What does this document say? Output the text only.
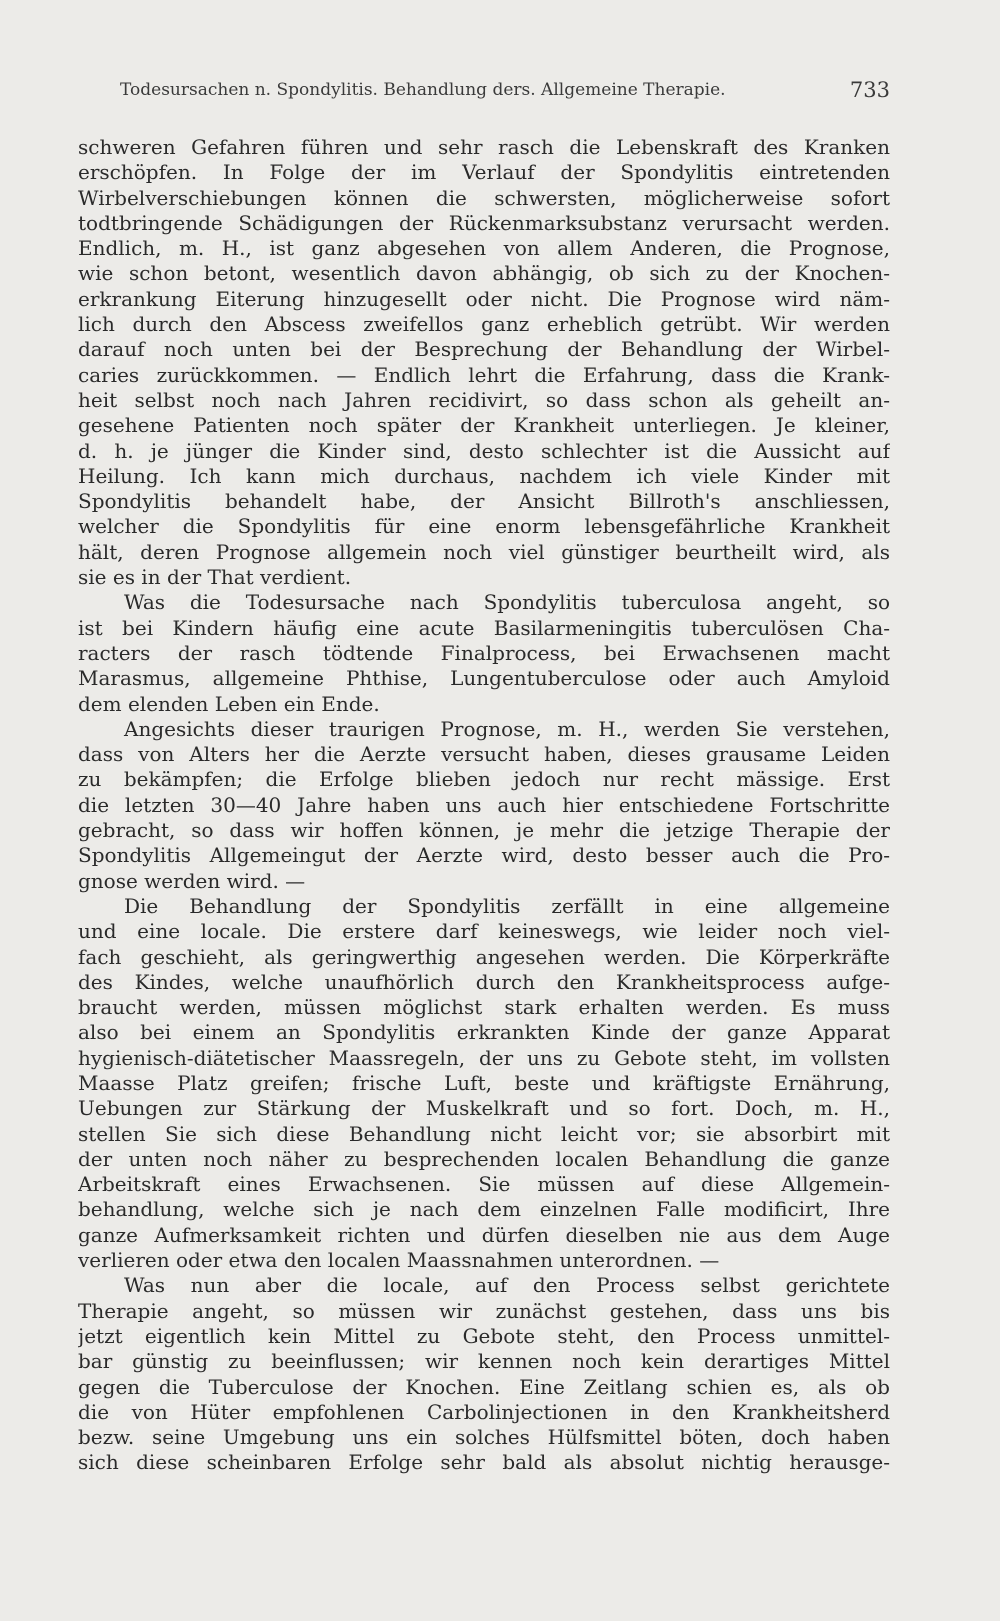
Todesursachen n. Spondylitis. Behandlung ders. Allgemeine Therapie.	733
schweren Gefahren führen und sehr rasch die Lebenskraft des Kranken
erschöpfen. In Folge der im Verlauf der Spondylitis eintretenden
Wirbelverschiebungen können die schwersten, möglicherweise sofort
todtbringende Schädigungen der Rückenmarksubstanz verursacht werden.
Endlich, m. H., ist ganz abgesehen von allem Anderen, die Prognose,
wie schon betont, wesentlich davon abhängig, ob sich zu der Knochen-
erkrankung Eiterung hinzugesellt oder nicht. Die Prognose wird näm-
lich durch den Abscess zweifellos ganz erheblich getrübt. Wir werden
darauf noch unten bei der Besprechung der Behandlung der Wirbel-
caries zurückkommen. — Endlich lehrt die Erfahrung, dass die Krank-
heit selbst noch nach Jahren recidivirt, so dass schon als geheilt an-
gesehene Patienten noch später der Krankheit unterliegen. Je kleiner,
d. h. je jünger die Kinder sind, desto schlechter ist die Aussicht auf
Heilung. Ich kann mich durchaus, nachdem ich viele Kinder mit
Spondylitis behandelt habe, der Ansicht Billroth's anschliessen,
welcher die Spondylitis für eine enorm lebensgefährliche Krankheit
hält, deren Prognose allgemein noch viel günstiger beurtheilt wird, als
sie es in der That verdient.
Was die Todesursache nach Spondylitis tuberculosa angeht, so
ist bei Kindern häufig eine acute Basilarmeningitis tuberculösen Cha-
racters der rasch tödtende Finalprocess, bei Erwachsenen macht
Marasmus, allgemeine Phthise, Lungentuberculose oder auch Amyloid
dem elenden Leben ein Ende.
Angesichts dieser traurigen Prognose, m. H., werden Sie verstehen,
dass von Alters her die Aerzte versucht haben, dieses grausame Leiden
zu bekämpfen; die Erfolge blieben jedoch nur recht mässige. Erst
die letzten 30—40 Jahre haben uns auch hier entschiedene Fortschritte
gebracht, so dass wir hoffen können, je mehr die jetzige Therapie der
Spondylitis Allgemeingut der Aerzte wird, desto besser auch die Pro-
gnose werden wird. —
Die Behandlung der Spondylitis zerfällt in eine allgemeine
und eine locale. Die erstere darf keineswegs, wie leider noch viel-
fach geschieht, als geringwerthig angesehen werden. Die Körperkräfte
des Kindes, welche unaufhörlich durch den Krankheitsprocess aufge-
braucht werden, müssen möglichst stark erhalten werden. Es muss
also bei einem an Spondylitis erkrankten Kinde der ganze Apparat
hygienisch-diätetischer Maassregeln, der uns zu Gebote steht, im vollsten
Maasse Platz greifen; frische Luft, beste und kräftigste Ernährung,
Uebungen zur Stärkung der Muskelkraft und so fort. Doch, m. H.,
stellen Sie sich diese Behandlung nicht leicht vor; sie absorbirt mit
der unten noch näher zu besprechenden localen Behandlung die ganze
Arbeitskraft eines Erwachsenen. Sie müssen auf diese Allgemein-
behandlung, welche sich je nach dem einzelnen Falle modificirt, Ihre
ganze Aufmerksamkeit richten und dürfen dieselben nie aus dem Auge
verlieren oder etwa den localen Maassnahmen unterordnen. —
Was nun aber die locale, auf den Process selbst gerichtete
Therapie angeht, so müssen wir zunächst gestehen, dass uns bis
jetzt eigentlich kein Mittel zu Gebote steht, den Process unmittel-
bar günstig zu beeinflussen; wir kennen noch kein derartiges Mittel
gegen die Tuberculose der Knochen. Eine Zeitlang schien es, als ob
die von Hüter empfohlenen Carbolinjectionen in den Krankheitsherd
bezw. seine Umgebung uns ein solches Hülfsmittel böten, doch haben
sich diese scheinbaren Erfolge sehr bald als absolut nichtig herausge-
